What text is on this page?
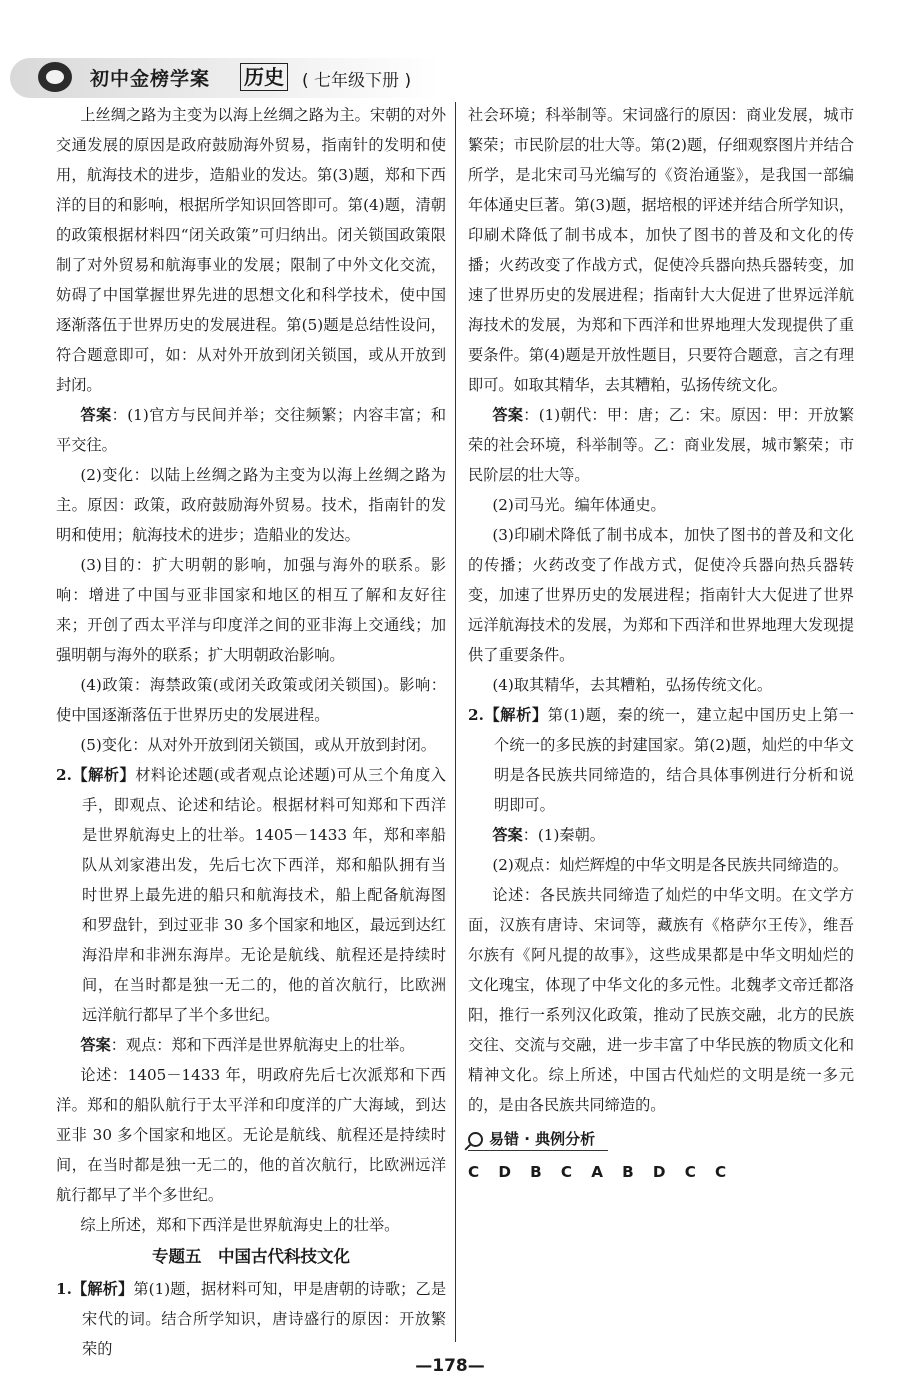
初中金榜学案 历史 ( 七年级下册 )

上丝绸之路为主变为以海上丝绸之路为主。宋朝的对外交通发展的原因是政府鼓励海外贸易，指南针的发明和使用，航海技术的进步，造船业的发达。第(3)题，郑和下西洋的目的和影响，根据所学知识回答即可。第(4)题，清朝的政策根据材料四“闭关政策”可归纳出。闭关锁国政策限制了对外贸易和航海事业的发展；限制了中外文化交流，妨碍了中国掌握世界先进的思想文化和科学技术，使中国逐渐落伍于世界历史的发展进程。第(5)题是总结性设问，符合题意即可，如：从对外开放到闭关锁国，或从开放到封闭。

答案：(1)官方与民间并举；交往频繁；内容丰富；和平交往。

(2)变化：以陆上丝绸之路为主变为以海上丝绸之路为主。原因：政策，政府鼓励海外贸易。技术，指南针的发明和使用；航海技术的进步；造船业的发达。

(3)目的：扩大明朝的影响，加强与海外的联系。影响：增进了中国与亚非国家和地区的相互了解和友好往来；开创了西太平洋与印度洋之间的亚非海上交通线；加强明朝与海外的联系；扩大明朝政治影响。

(4)政策：海禁政策(或闭关政策或闭关锁国)。影响：使中国逐渐落伍于世界历史的发展进程。

(5)变化：从对外开放到闭关锁国，或从开放到封闭。

2.【解析】材料论述题(或者观点论述题)可从三个角度入手，即观点、论述和结论。根据材料可知郑和下西洋是世界航海史上的壮举。1405－1433 年，郑和率船队从刘家港出发，先后七次下西洋，郑和船队拥有当时世界上最先进的船只和航海技术，船上配备航海图和罗盘针，到过亚非 30 多个国家和地区，最远到达红海沿岸和非洲东海岸。无论是航线、航程还是持续时间，在当时都是独一无二的，他的首次航行，比欧洲远洋航行都早了半个多世纪。

答案：观点：郑和下西洋是世界航海史上的壮举。

论述：1405－1433 年，明政府先后七次派郑和下西洋。郑和的船队航行于太平洋和印度洋的广大海域，到达亚非 30 多个国家和地区。无论是航线、航程还是持续时间，在当时都是独一无二的，他的首次航行，比欧洲远洋航行都早了半个多世纪。

综上所述，郑和下西洋是世界航海史上的壮举。

专题五　中国古代科技文化

1.【解析】第(1)题，据材料可知，甲是唐朝的诗歌；乙是宋代的词。结合所学知识，唐诗盛行的原因：开放繁荣的

社会环境；科举制等。宋词盛行的原因：商业发展，城市繁荣；市民阶层的壮大等。第(2)题，仔细观察图片并结合所学，是北宋司马光编写的《资治通鉴》，是我国一部编年体通史巨著。第(3)题，据培根的评述并结合所学知识，印刷术降低了制书成本，加快了图书的普及和文化的传播；火药改变了作战方式，促使冷兵器向热兵器转变，加速了世界历史的发展进程；指南针大大促进了世界远洋航海技术的发展，为郑和下西洋和世界地理大发现提供了重要条件。第(4)题是开放性题目，只要符合题意，言之有理即可。如取其精华，去其糟粕，弘扬传统文化。

答案：(1)朝代：甲：唐；乙：宋。原因：甲：开放繁荣的社会环境，科举制等。乙：商业发展，城市繁荣；市民阶层的壮大等。

(2)司马光。编年体通史。

(3)印刷术降低了制书成本，加快了图书的普及和文化的传播；火药改变了作战方式，促使冷兵器向热兵器转变，加速了世界历史的发展进程；指南针大大促进了世界远洋航海技术的发展，为郑和下西洋和世界地理大发现提供了重要条件。

(4)取其精华，去其糟粕，弘扬传统文化。

2.【解析】第(1)题，秦的统一，建立起中国历史上第一个统一的多民族的封建国家。第(2)题，灿烂的中华文明是各民族共同缔造的，结合具体事例进行分析和说明即可。

答案：(1)秦朝。

(2)观点：灿烂辉煌的中华文明是各民族共同缔造的。

论述：各民族共同缔造了灿烂的中华文明。在文学方面，汉族有唐诗、宋词等，藏族有《格萨尔王传》，维吾尔族有《阿凡提的故事》，这些成果都是中华文明灿烂的文化瑰宝，体现了中华文化的多元性。北魏孝文帝迁都洛阳，推行一系列汉化政策，推动了民族交融，北方的民族交往、交流与交融，进一步丰富了中华民族的物质文化和精神文化。综上所述，中国古代灿烂的文明是统一多元的，是由各民族共同缔造的。

易错 · 典例分析

C　D　B　C　A　B　D　C　C

—178—
